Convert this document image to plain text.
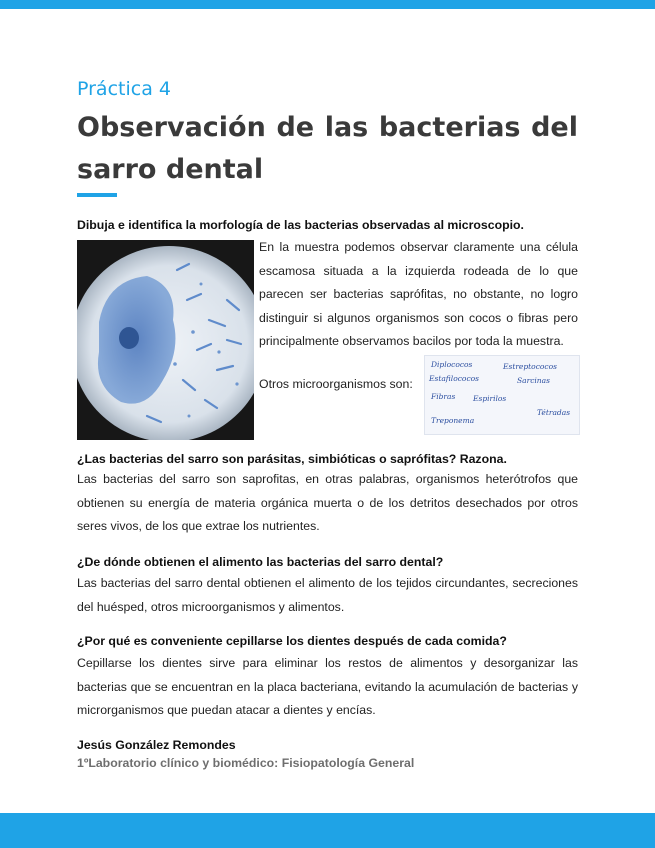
Práctica 4
Observación de las bacterias del sarro dental

Dibuja e identifica la morfología de las bacterias observadas al microscopio.

En la muestra podemos observar claramente una célula escamosa situada a la izquierda rodeada de lo que parecen ser bacterias saprófitas, no obstante, no logro distinguir si algunos organismos son cocos o fibras pero principalmente observamos bacilos por toda la muestra.

Otros microorganismos son:

Diplococos	Estreptococos
Estafilococos	Sarcinas
Fibras Espirilos
Tétradas
Treponema

¿Las bacterias del sarro son parásitas, simbióticas o saprófitas? Razona.

Las bacterias del sarro son saprofitas, en otras palabras, organismos heterótrofos que obtienen su energía de materia orgánica muerta o de los detritos desechados por otros seres vivos, de los que extrae los nutrientes.

¿De dónde obtienen el alimento las bacterias del sarro dental?

Las bacterias del sarro dental obtienen el alimento de los tejidos circundantes, secreciones del huésped, otros microorganismos y alimentos.

¿Por qué es conveniente cepillarse los dientes después de cada comida?

Cepillarse los dientes sirve para eliminar los restos de alimentos y desorganizar las bacterias que se encuentran en la placa bacteriana, evitando la acumulación de bacterias y microrganismos que puedan atacar a dientes y encías.

Jesús González Remondes

1ºLaboratorio clínico y biomédico: Fisiopatología General
